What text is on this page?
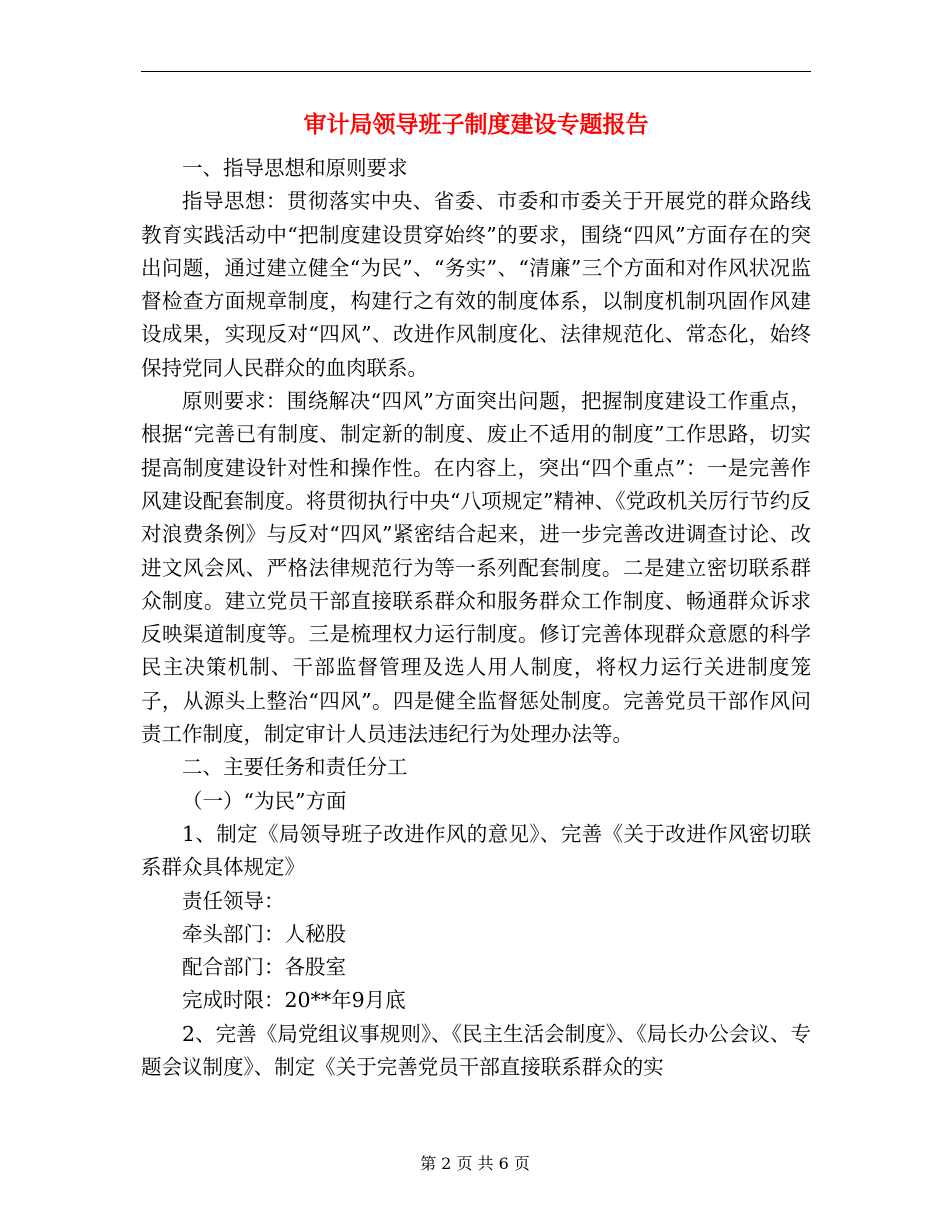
审计局领导班子制度建设专题报告

一、指导思想和原则要求

指导思想：贯彻落实中央、省委、市委和市委关于开展党的群众路线教育实践活动中“把制度建设贯穿始终”的要求，围绕“四风”方面存在的突出问题，通过建立健全“为民”、“务实”、“清廉”三个方面和对作风状况监督检查方面规章制度，构建行之有效的制度体系，以制度机制巩固作风建设成果，实现反对“四风”、改进作风制度化、法律规范化、常态化，始终保持党同人民群众的血肉联系。

原则要求：围绕解决“四风”方面突出问题，把握制度建设工作重点，根据“完善已有制度、制定新的制度、废止不适用的制度”工作思路，切实提高制度建设针对性和操作性。在内容上，突出“四个重点”：一是完善作风建设配套制度。将贯彻执行中央“八项规定”精神、《党政机关厉行节约反对浪费条例》与反对“四风”紧密结合起来，进一步完善改进调查讨论、改进文风会风、严格法律规范行为等一系列配套制度。二是建立密切联系群众制度。建立党员干部直接联系群众和服务群众工作制度、畅通群众诉求反映渠道制度等。三是梳理权力运行制度。修订完善体现群众意愿的科学民主决策机制、干部监督管理及选人用人制度，将权力运行关进制度笼子，从源头上整治“四风”。四是健全监督惩处制度。完善党员干部作风问责工作制度，制定审计人员违法违纪行为处理办法等。

二、主要任务和责任分工

（一）“为民”方面

1、制定《局领导班子改进作风的意见》、完善《关于改进作风密切联系群众具体规定》

责任领导：

牵头部门：人秘股

配合部门：各股室

完成时限：20**年9月底

2、完善《局党组议事规则》、《民主生活会制度》、《局长办公会议、专题会议制度》、制定《关于完善党员干部直接联系群众的实

第 2 页 共 6 页
